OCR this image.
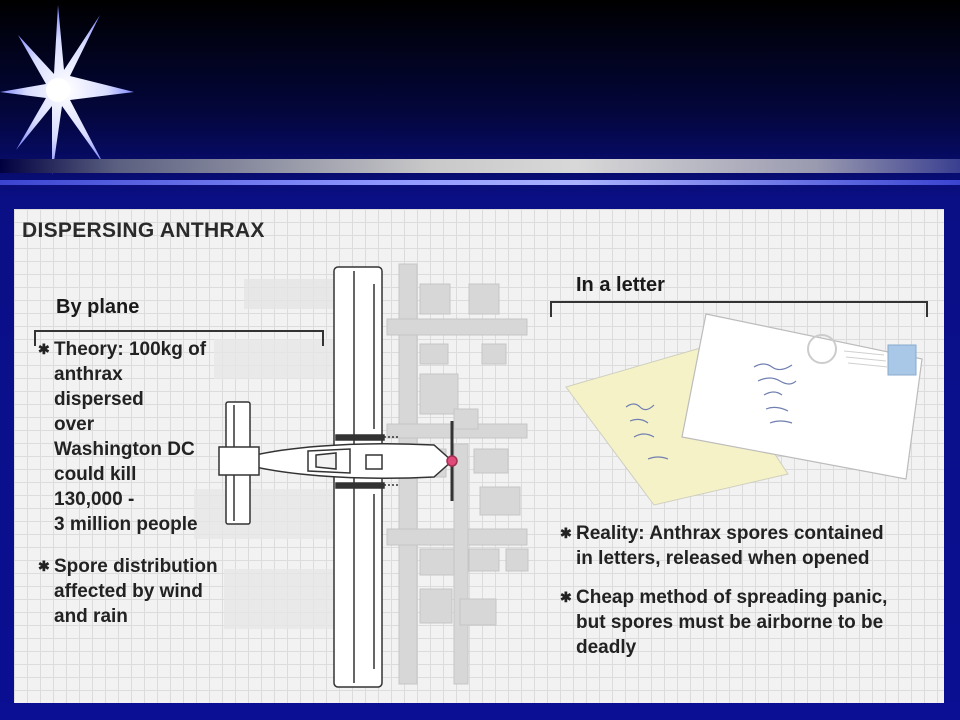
DISPERSING ANTHRAX
By plane
✱ Theory: 100kg of
anthrax
dispersed
over
Washington DC
could kill
130,000 -
3 million people
✱ Spore distribution
affected by wind
and rain
In a letter
✱ Reality: Anthrax spores contained
in letters, released when opened
✱ Cheap method of spreading panic,
but spores must be airborne to be
deadly
